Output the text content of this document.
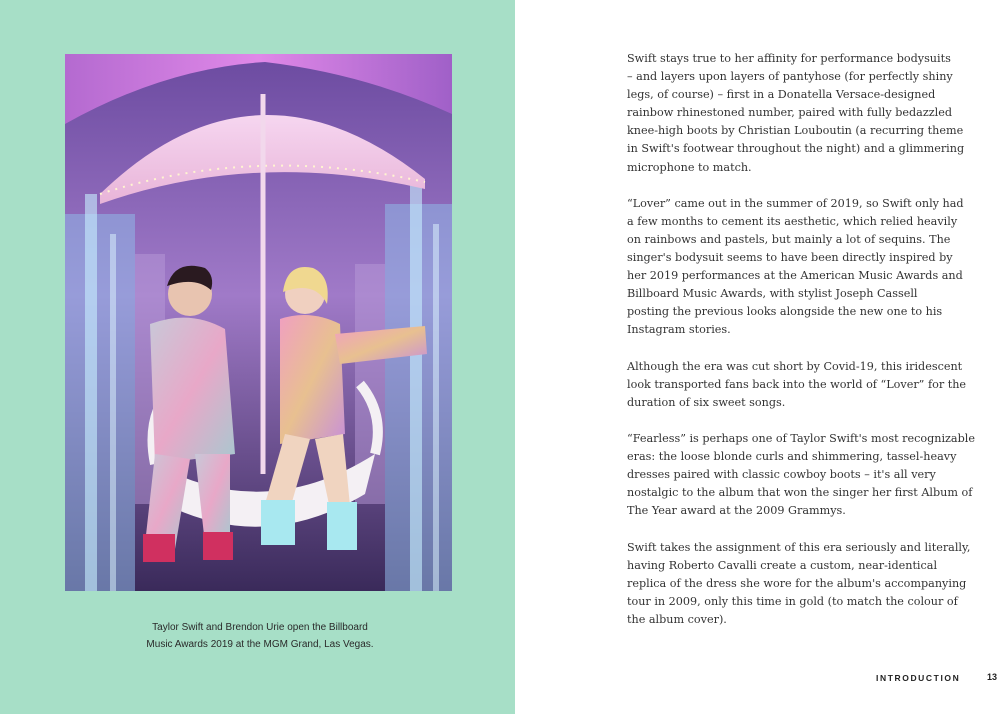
Taylor Swift and Brendon Urie open the Billboard
Music Awards 2019 at the MGM Grand, Las Vegas.

Swift stays true to her affinity for performance bodysuits
– and layers upon layers of pantyhose (for perfectly shiny
legs, of course) – first in a Donatella Versace-designed
rainbow rhinestoned number, paired with fully bedazzled
knee-high boots by Christian Louboutin (a recurring theme
in Swift's footwear throughout the night) and a glimmering
microphone to match.

“Lover” came out in the summer of 2019, so Swift only had
a few months to cement its aesthetic, which relied heavily
on rainbows and pastels, but mainly a lot of sequins. The
singer's bodysuit seems to have been directly inspired by
her 2019 performances at the American Music Awards and
Billboard Music Awards, with stylist Joseph Cassell
posting the previous looks alongside the new one to his
Instagram stories.

Although the era was cut short by Covid-19, this iridescent
look transported fans back into the world of “Lover” for the
duration of six sweet songs.

“Fearless” is perhaps one of Taylor Swift's most recognizable
eras: the loose blonde curls and shimmering, tassel-heavy
dresses paired with classic cowboy boots – it's all very
nostalgic to the album that won the singer her first Album of
The Year award at the 2009 Grammys.

Swift takes the assignment of this era seriously and literally,
having Roberto Cavalli create a custom, near-identical
replica of the dress she wore for the album's accompanying
tour in 2009, only this time in gold (to match the colour of
the album cover).

INTRODUCTION	13
